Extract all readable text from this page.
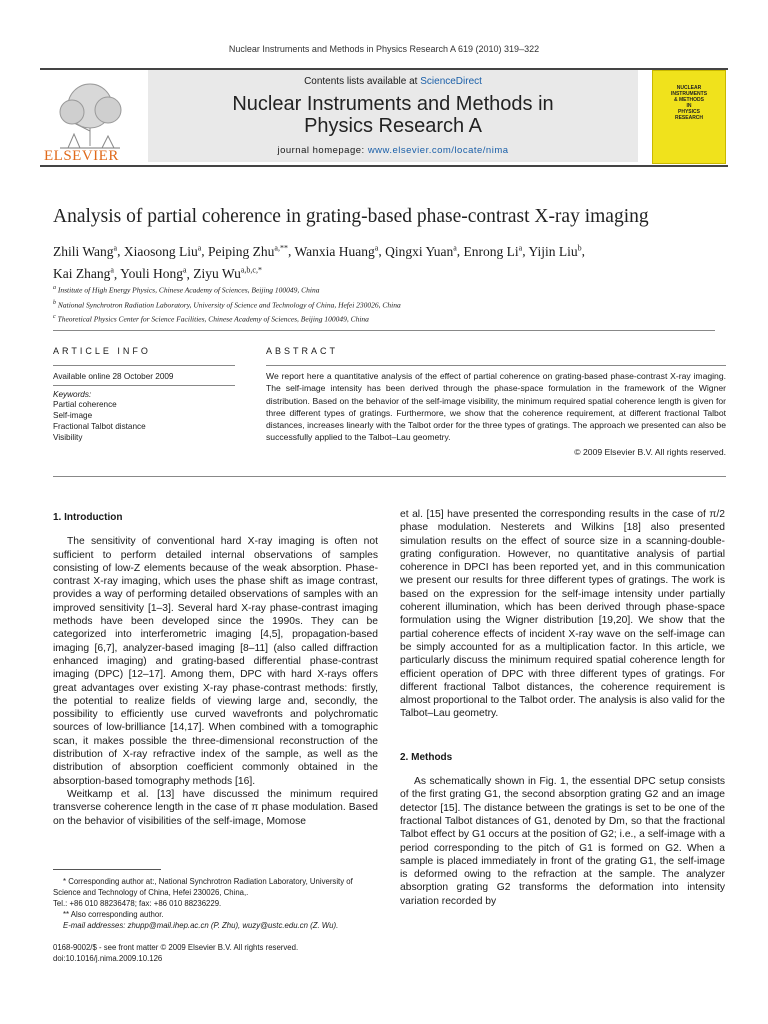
Nuclear Instruments and Methods in Physics Research A 619 (2010) 319–322
ELSEVIER
Contents lists available at ScienceDirect
Nuclear Instruments and Methods in
Physics Research A
journal homepage: www.elsevier.com/locate/nima
NUCLEAR
INSTRUMENTS
& METHODS
IN
PHYSICS
RESEARCH
Analysis of partial coherence in grating-based phase-contrast X-ray imaging
Zhili Wang$^a$, Xiaosong Liu$^a$, Peiping Zhu$^{a,**}$, Wanxia Huang$^a$, Qingxi Yuan$^a$, Enrong Li$^a$, Yijin Liu$^b$,
Kai Zhang$^a$, Youli Hong$^a$, Ziyu $Wu^{a,b,c,*}$
$^a$ Institute of High Energy Physics, Chinese Academy of Sciences, Beijing 100049, China
$^b$ National Synchrotron Radiation Laboratory, University of Science and Technology of China, Hefei 230026, China
$^c$ Theoretical Physics Center for Science Facilities, Chinese Academy of Sciences, Beijing 100049, China
ARTICLE INFO	ABSTRACT
Available online 28 October 2009
Keywords:
Partial coherence
Self-image
Fractional Talbot distance
Visibility
We report here a quantitative analysis of the effect of partial coherence on grating-based phase-contrast X-ray imaging. The self-image intensity has been derived through the phase-space formulation in the framework of the Wigner distribution. Based on the behavior of the self-image visibility, the minimum required spatial coherence length is given for three different types of gratings. Furthermore, we show that the coherence requirement, at different fractional Talbot distances, increases linearly with the Talbot order for the three types of gratings. The approach we presented can also be successfully applied to the Talbot–Lau geometry.
© 2009 Elsevier B.V. All rights reserved.
1. Introduction

The sensitivity of conventional hard X-ray imaging is often not sufficient to perform detailed internal observations of samples consisting of low-Z elements because of the weak absorption. Phase-contrast X-ray imaging, which uses the phase shift as image contrast, provides a way of performing detailed observations of samples with an improved sensitivity [1–3]. Several hard X-ray phase-contrast imaging methods have been developed since the 1990s. They can be categorized into interferometric imaging [4,5], propagation-based imaging [6,7], analyzer-based imaging [8–11] (also called diffraction enhanced imaging) and grating-based differential phase-contrast imaging (DPC) [12–17]. Among them, DPC with hard X-rays offers great advantages over existing X-ray phase-contrast methods: firstly, the potential to realize fields of viewing large and, secondly, the possibility to efficiently use curved wavefronts and polychromatic sources of low-brilliance [14,17]. When combined with a tomographic scan, it makes possible the three-dimensional reconstruction of the distribution of X-ray refractive index of the sample, as well as the distribution of absorption coefficient commonly obtained in the absorption-based tomography methods [16].

Weitkamp et al. [13] have discussed the minimum required transverse coherence length in the case of π phase modulation. Based on the behavior of visibilities of the self-image, Momose

et al. [15] have presented the corresponding results in the case of π/2 phase modulation. Nesterets and Wilkins [18] also presented simulation results on the effect of source size in a scanning-double-grating configuration. However, no quantitative analysis of partial coherence in DPCI has been reported yet, and in this communication we present our results for three different types of gratings. The work is based on the expression for the self-image intensity under partially coherent illumination, which has been derived through phase-space formulation using the Wigner distribution [19,20]. We show that the partial coherence effects of incident X-ray wave on the self-image can be simply accounted for as a multiplication factor. In this article, we particularly discuss the minimum required spatial coherence length for efficient operation of DPC with three different types of gratings. For different fractional Talbot distances, the coherence requirement is almost proportional to the Talbot order. The analysis is also valid for the Talbot–Lau geometry.

2. Methods

As schematically shown in Fig. 1, the essential DPC setup consists of the first grating G1, the second absorption grating G2 and an image detector [15]. The distance between the gratings is set to be one of the fractional Talbot distances of G1, denoted by Dm, so that the fractional Talbot effect by G1 occurs at the position of G2; i.e., a self-image with a period corresponding to the pitch of G1 is formed on G2. When a sample is placed immediately in front of the grating G1, the self-image is deformed owing to the refraction at the sample. The analyzer absorption grating G2 transforms the deformation into intensity variation recorded by

* Corresponding author at:, National Synchrotron Radiation Laboratory, University of Science and Technology of China, Hefei 230026, China,.
Tel.: +86 010 88236478; fax: +86 010 88236229.
** Also corresponding author.
E-mail addresses: zhupp@mail.ihep.ac.cn (P. Zhu), wuzy@ustc.edu.cn (Z. Wu).
0168-9002/$ - see front matter © 2009 Elsevier B.V. All rights reserved.
doi:10.1016/j.nima.2009.10.126
